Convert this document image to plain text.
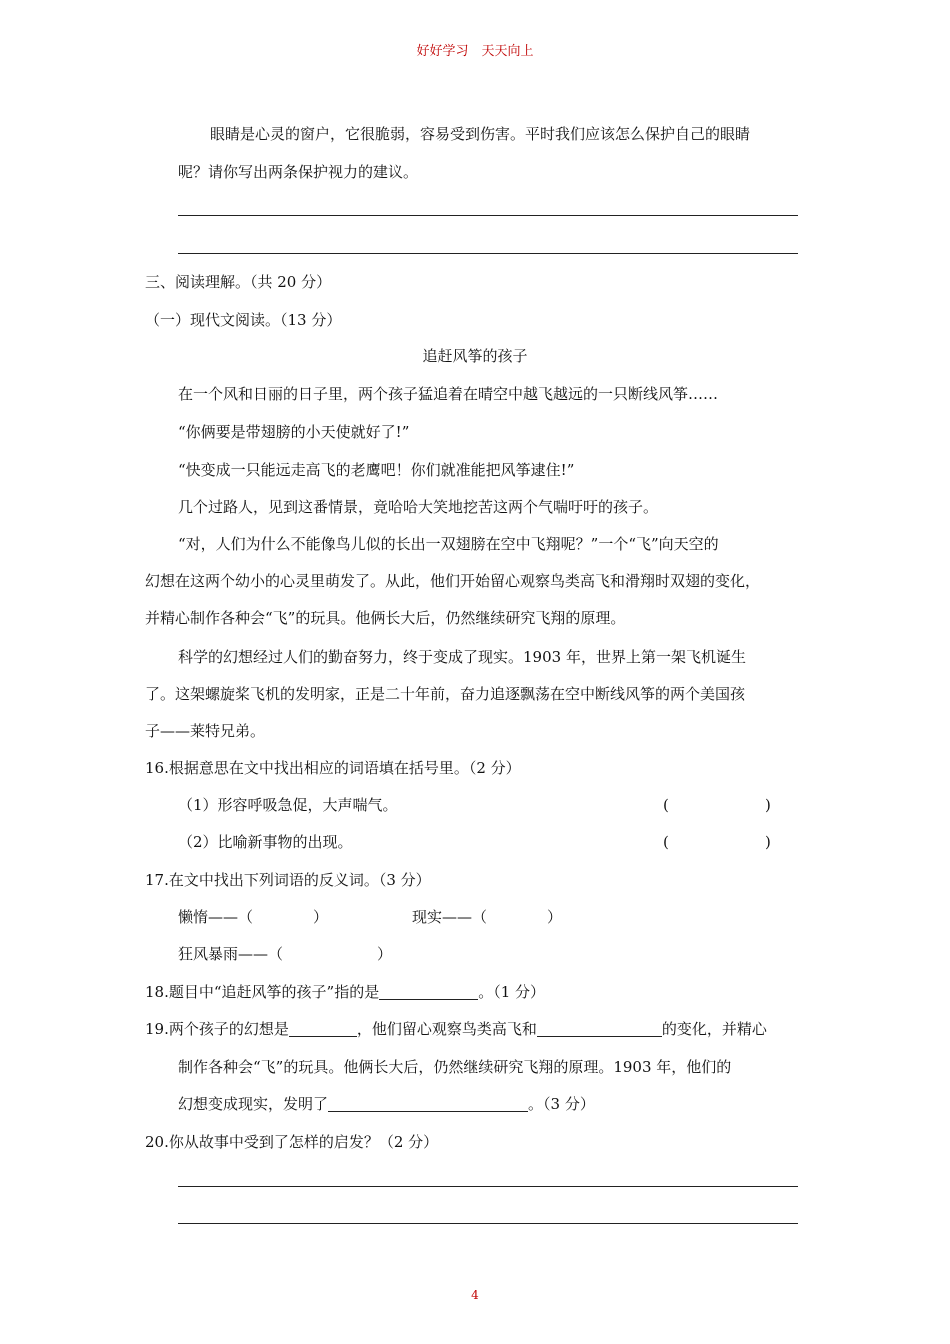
好好学习　天天向上
眼睛是心灵的窗户，它很脆弱，容易受到伤害。平时我们应该怎么保护自己的眼睛
呢？请你写出两条保护视力的建议。
三、阅读理解。（共 20 分）
（一）现代文阅读。（13 分）
追赶风筝的孩子
在一个风和日丽的日子里，两个孩子猛追着在晴空中越飞越远的一只断线风筝……
“你俩要是带翅膀的小天使就好了!”
“快变成一只能远走高飞的老鹰吧！你们就准能把风筝逮住!”
几个过路人，见到这番情景，竟哈哈大笑地挖苦这两个气喘吁吁的孩子。
“对，人们为什么不能像鸟儿似的长出一双翅膀在空中飞翔呢？”一个“飞”向天空的
幻想在这两个幼小的心灵里萌发了。从此，他们开始留心观察鸟类高飞和滑翔时双翅的变化，
并精心制作各种会“飞”的玩具。他俩长大后，仍然继续研究飞翔的原理。
科学的幻想经过人们的勤奋努力，终于变成了现实。1903 年，世界上第一架飞机诞生
了。这架螺旋桨飞机的发明家，正是二十年前，奋力追逐飘荡在空中断线风筝的两个美国孩
子——莱特兄弟。
16.根据意思在文中找出相应的词语填在括号里。（2 分）
（1）形容呼吸急促，大声喘气。	(	)
（2）比喻新事物的出现。	(	)
17.在文中找出下列词语的反义词。（3 分）
懒惰——（	）	现实——（	）
狂风暴雨——（	）
18.题目中“追赶风筝的孩子”指的是	。（1 分）
19.两个孩子的幻想是	，他们留心观察鸟类高飞和	的变化，并精心
制作各种会“飞”的玩具。他俩长大后，仍然继续研究飞翔的原理。1903 年，他们的
幻想变成现实，发明了	。（3 分）
20.你从故事中受到了怎样的启发？（2 分）
4
